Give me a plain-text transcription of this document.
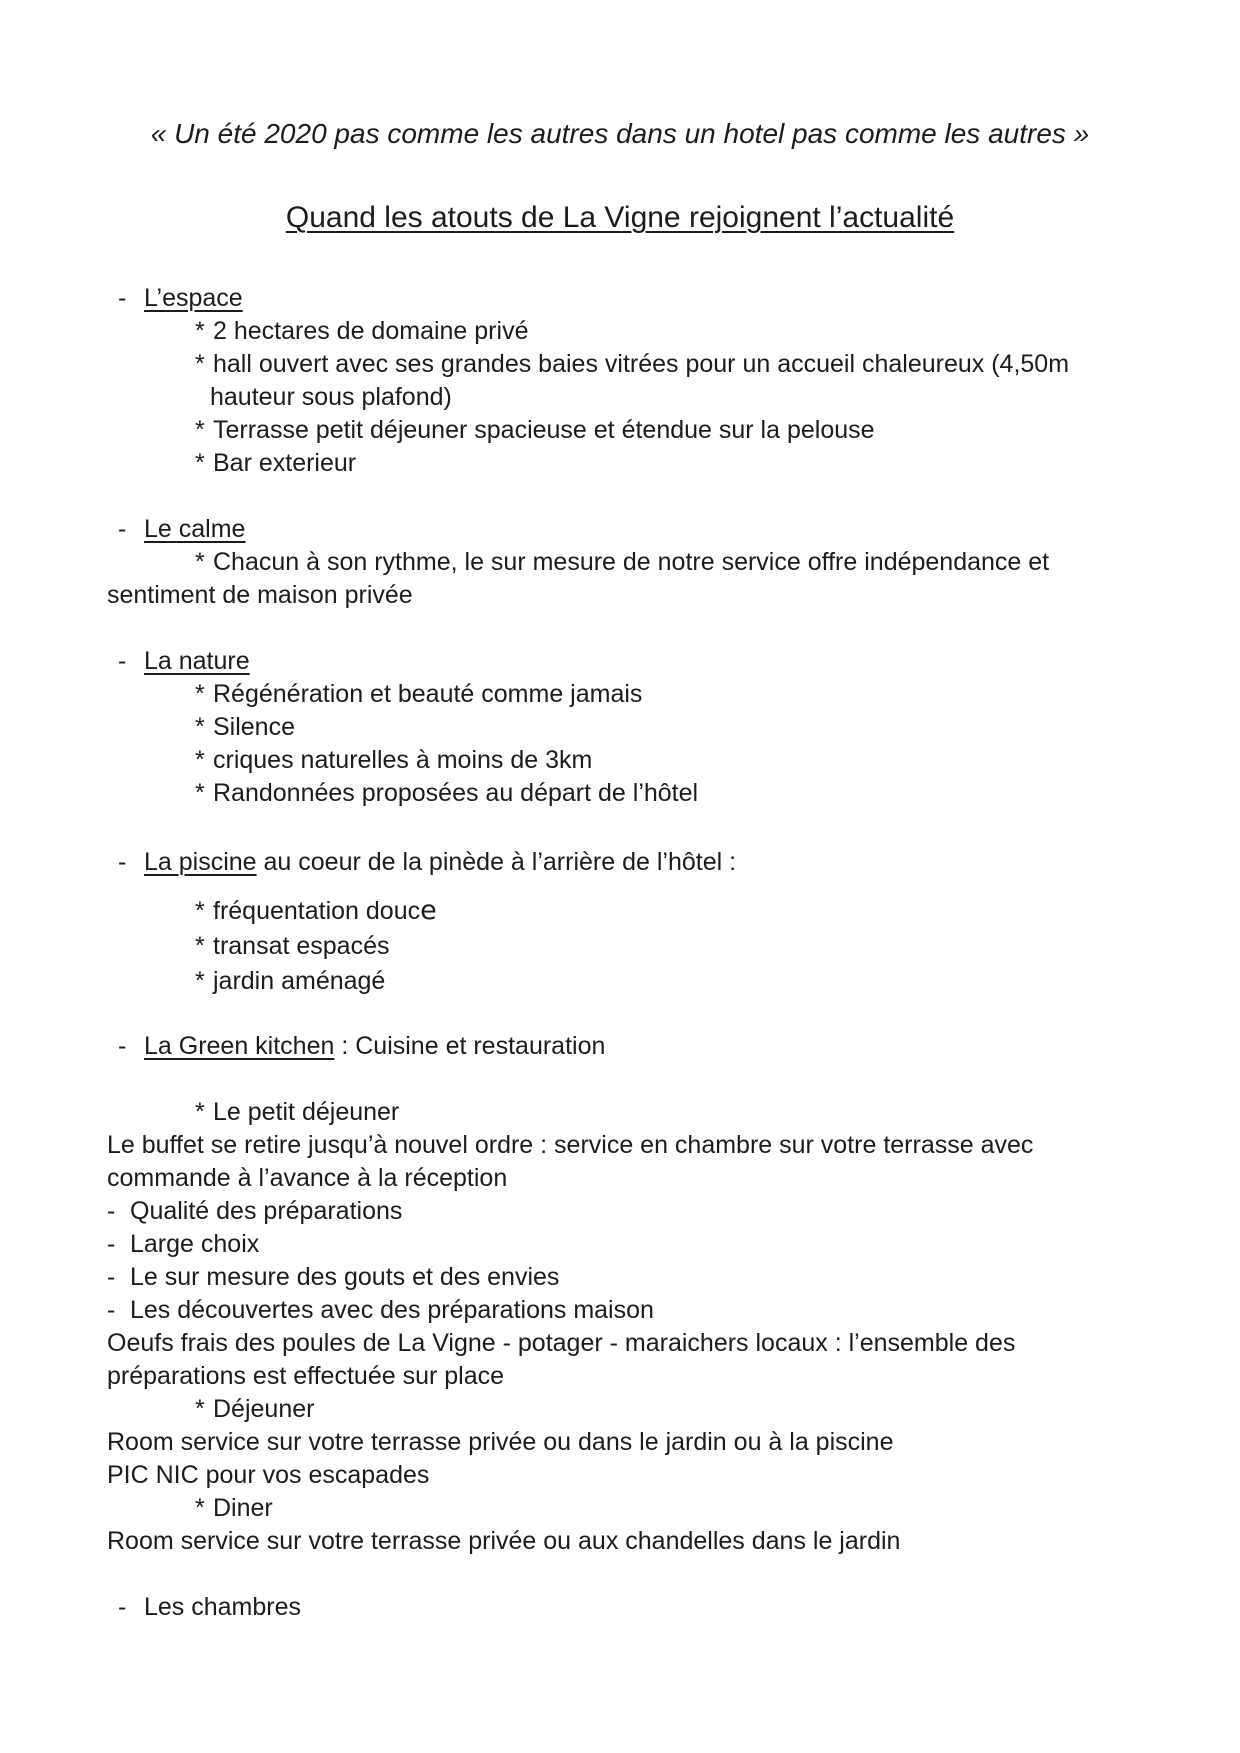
« Un été 2020 pas comme les autres dans un hotel pas comme les autres »
Quand les atouts de La Vigne rejoignent l’actualité
- L’espace
* 2 hectares de domaine privé
* hall ouvert avec ses grandes baies vitrées pour un accueil chaleureux (4,50m
hauteur sous plafond)
* Terrasse petit déjeuner spacieuse et étendue sur la pelouse
* Bar exterieur
- Le calme
* Chacun à son rythme, le sur mesure de notre service offre indépendance et
sentiment de maison privée
- La nature
* Régénération et beauté comme jamais
* Silence
* criques naturelles à moins de 3km
* Randonnées proposées au départ de l’hôtel
- La piscine au coeur de la pinède à l’arrière de l’hôtel :
* fréquentation douce
* transat espacés
* jardin aménagé
- La Green kitchen : Cuisine et restauration
* Le petit déjeuner
Le buffet se retire jusqu’à nouvel ordre : service en chambre sur votre terrasse avec
commande à l’avance à la réception
- Qualité des préparations
- Large choix
- Le sur mesure des gouts et des envies
- Les découvertes avec des préparations maison
Oeufs frais des poules de La Vigne - potager - maraichers locaux : l’ensemble des
préparations est effectuée sur place
* Déjeuner
Room service sur votre terrasse privée ou dans le jardin ou à la piscine
PIC NIC pour vos escapades
* Diner
Room service sur votre terrasse privée ou aux chandelles dans le jardin
- Les chambres
